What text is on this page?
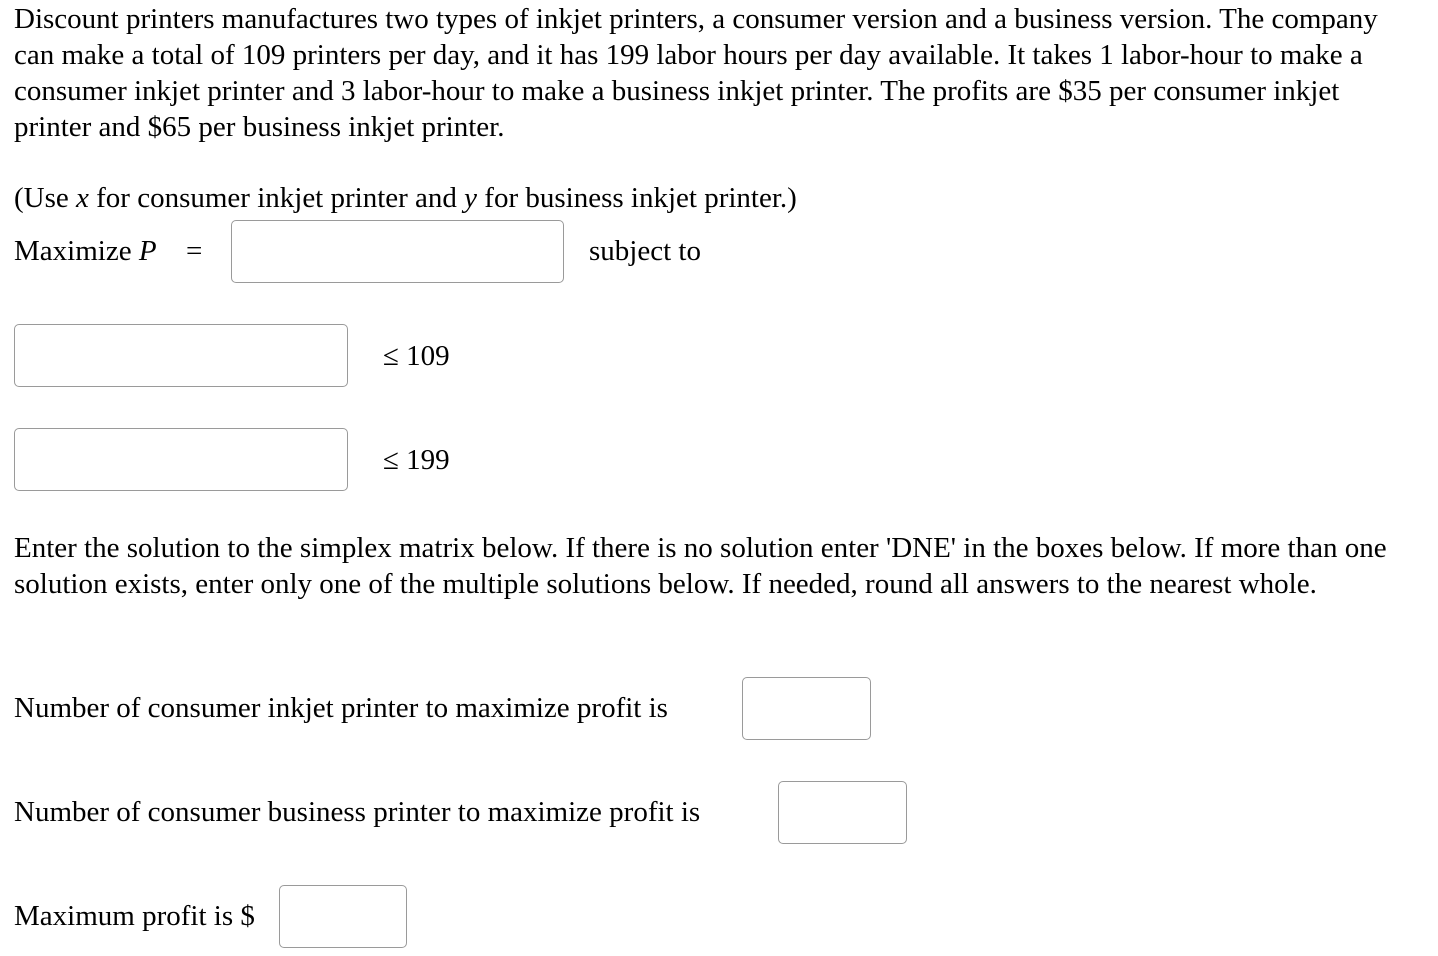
Discount printers manufactures two types of inkjet printers, a consumer version and a business version. The company can make a total of 109 printers per day, and it has 199 labor hours per day available. It takes 1 labor-hour to make a consumer inkjet printer and 3 labor-hour to make a business inkjet printer. The profits are $35 per consumer inkjet printer and $65 per business inkjet printer.

(Use x for consumer inkjet printer and y for business inkjet printer.)
Maximize P =	subject to
≤ 109
≤ 199

Enter the solution to the simplex matrix below. If there is no solution enter 'DNE' in the boxes below. If more than one solution exists, enter only one of the multiple solutions below. If needed, round all answers to the nearest whole.

Number of consumer inkjet printer to maximize profit is
Number of consumer business printer to maximize profit is
Maximum profit is $
